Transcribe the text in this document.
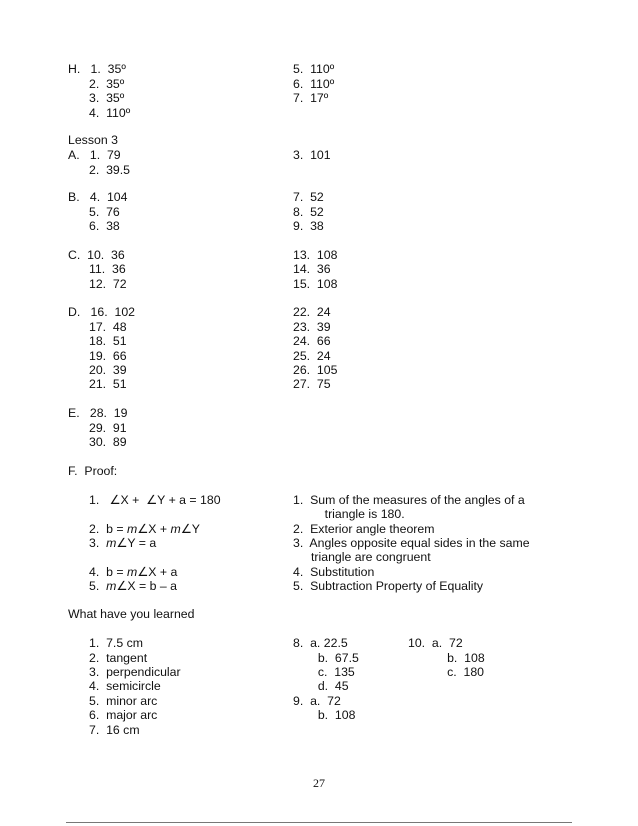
H.   1.  35º
2.  35º
3.  35º
4.  110º
5.  110º
6.  110º
7.  17º
Lesson 3
A.   1.  79
2.  39.5
3.  101
B.   4.  104
5.  76
6.  38
7.  52
8.  52
9.  38
C.  10.  36
11.  36
12.  72
13.  108
14.  36
15.  108
D.   16.  102
17.  48
18.  51
19.  66
20.  39
21.  51
22.  24
23.  39
24.  66
25.  24
26.  105
27.  75
E.   28.  19
29.  91
30.  89
F.  Proof:
1.   ∠X +  ∠Y + a = 180
2.  b = m∠X + m∠Y
3.  m∠Y = a
4.  b = m∠X + a
5.  m∠X = b – a
1.  Sum of the measures of the angles of a
triangle is 180.
2.  Exterior angle theorem
3.  Angles opposite equal sides in the same
triangle are congruent
4.  Substitution
5.  Subtraction Property of Equality
What have you learned
1.  7.5 cm
2.  tangent
3.  perpendicular
4.  semicircle
5.  minor arc
6.  major arc
7.  16 cm
8.  a. 22.5
b.  67.5
c.  135
d.  45
9.  a.  72
b.  108
10.  a.  72
b.  108
c.  180
27
